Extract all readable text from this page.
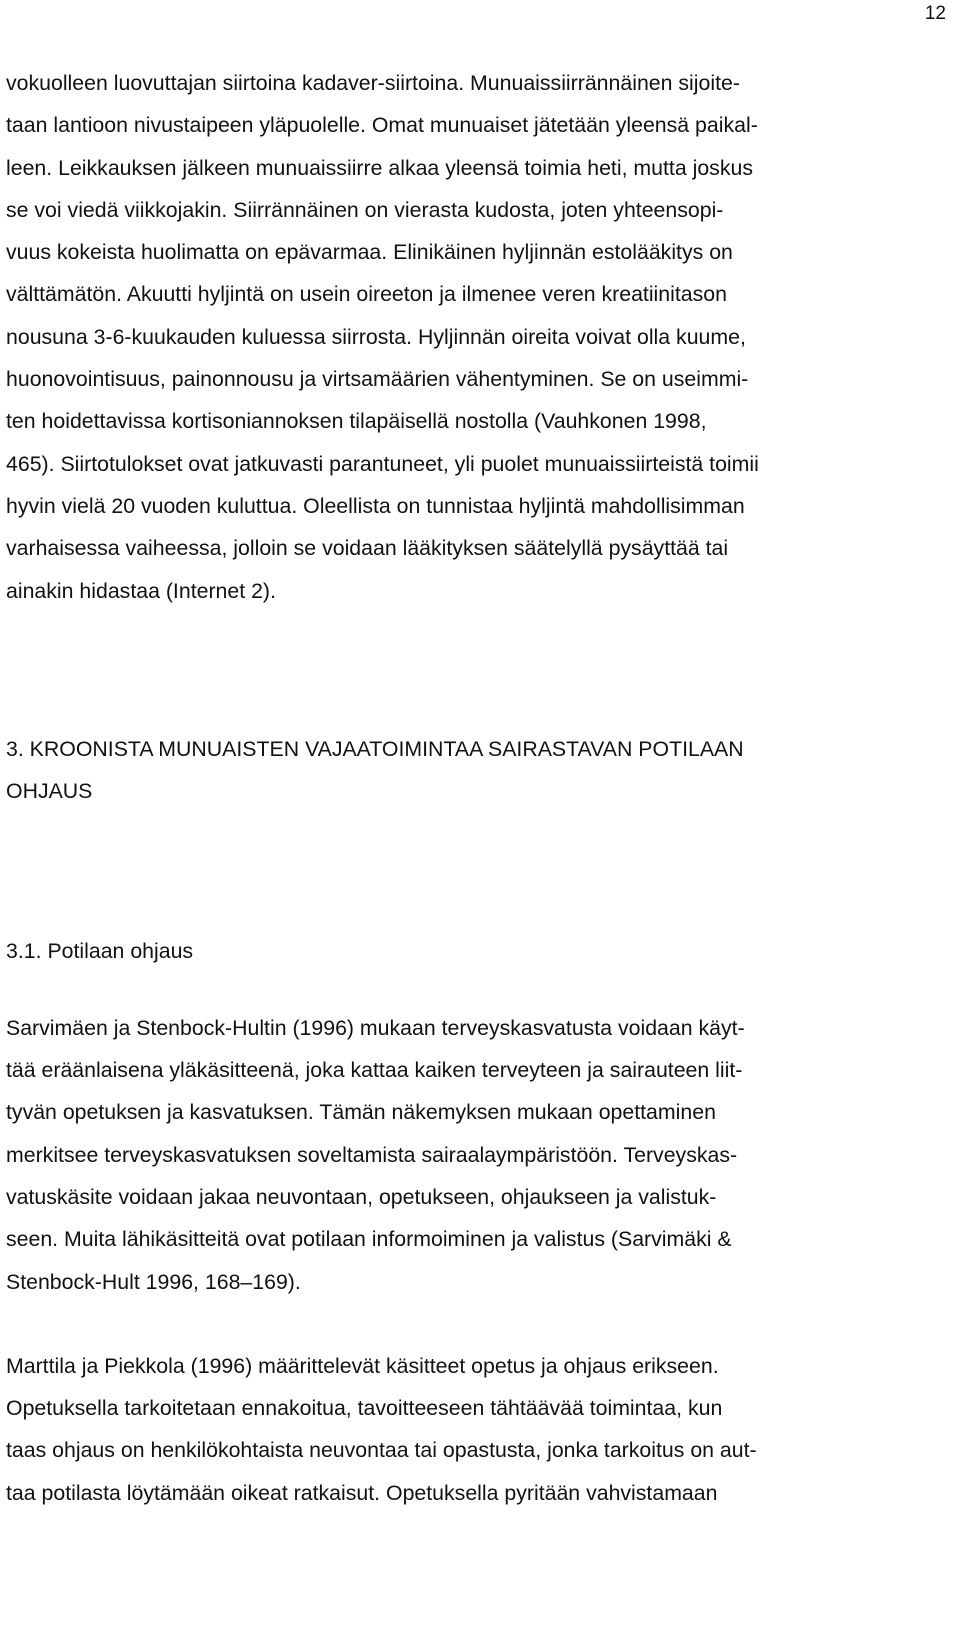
12

vokuolleen luovuttajan siirtoina kadaver-siirtoina. Munuaissiirrännäinen sijoite-
taan lantioon nivustaipeen yläpuolelle. Omat munuaiset jätetään yleensä paikal-
leen. Leikkauksen jälkeen munuaissiirre alkaa yleensä toimia heti, mutta joskus
se voi viedä viikkojakin. Siirrännäinen on vierasta kudosta, joten yhteensopi-
vuus kokeista huolimatta on epävarmaa. Elinikäinen hyljinnän estolääkitys on
välttämätön. Akuutti hyljintä on usein oireeton ja ilmenee veren kreatiinitason
nousuna 3-6-kuukauden kuluessa siirrosta. Hyljinnän oireita voivat olla kuume,
huonovointisuus, painonnousu ja virtsamäärien vähentyminen. Se on useimmi-
ten hoidettavissa kortisoniannoksen tilapäisellä nostolla (Vauhkonen 1998,
465). Siirtotulokset ovat jatkuvasti parantuneet, yli puolet munuaissiirteistä toimii
hyvin vielä 20 vuoden kuluttua. Oleellista on tunnistaa hyljintä mahdollisimman
varhaisessa vaiheessa, jolloin se voidaan lääkityksen säätelyllä pysäyttää tai
ainakin hidastaa (Internet 2).

3. KROONISTA MUNUAISTEN VAJAATOIMINTAA SAIRASTAVAN POTILAAN
OHJAUS
3.1. Potilaan ohjaus

Sarvimäen ja Stenbock-Hultin (1996) mukaan terveyskasvatusta voidaan käyt-
tää eräänlaisena yläkäsitteenä, joka kattaa kaiken terveyteen ja sairauteen liit-
tyvän opetuksen ja kasvatuksen. Tämän näkemyksen mukaan opettaminen
merkitsee terveyskasvatuksen soveltamista sairaalaympäristöön. Terveyskas-
vatuskäsite voidaan jakaa neuvontaan, opetukseen, ohjaukseen ja valistuk-
seen. Muita lähikäsitteitä ovat potilaan informoiminen ja valistus (Sarvimäki &
Stenbock-Hult 1996, 168–169).

Marttila ja Piekkola (1996) määrittelevät käsitteet opetus ja ohjaus erikseen.
Opetuksella tarkoitetaan ennakoitua, tavoitteeseen tähtäävää toimintaa, kun
taas ohjaus on henkilökohtaista neuvontaa tai opastusta, jonka tarkoitus on aut-
taa potilasta löytämään oikeat ratkaisut. Opetuksella pyritään vahvistamaan
